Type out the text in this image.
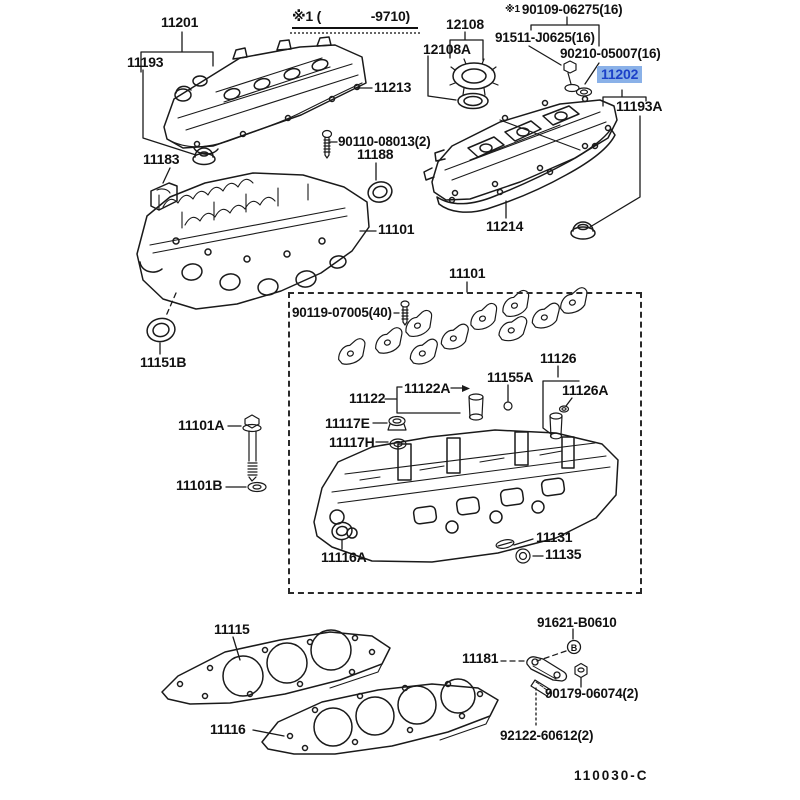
B
※1 (	-9710)
11201
11193
12108
12108A
※1 90109-06275(16)
91511-J0625(16)
90210-05007(16)
11202
11193A
11213
90110-08013(2)
11183	11188
11101	11214
11151B
11101A
11101B
11101
90119-07005(40)
11126
11155A
11122A
11122	11126A
11117E
11117H
11116A
11131
11135
11115
11116
91621-B0610
11181
90179-06074(2)
92122-60612(2)
110030-C
